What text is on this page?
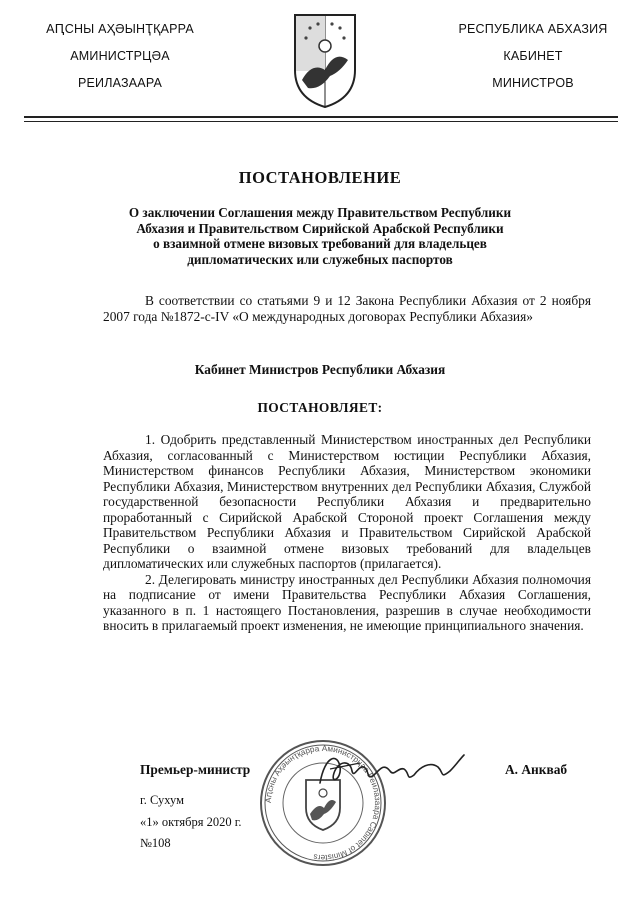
АԤСНЫ АҲӘЫНҬҚАРРА
АМИНИСТРЦӘА
РЕИЛАЗААРА
РЕСПУБЛИКА АБХАЗИЯ
КАБИНЕТ
МИНИСТРОВ
ПОСТАНОВЛЕНИЕ
О заключении Соглашения между Правительством Республики
Абхазия и Правительством Сирийской Арабской Республики
о взаимной отмене визовых требований для владельцев
дипломатических или служебных паспортов

В соответствии со статьями 9 и 12 Закона Республики Абхазия от 2 ноября 2007 года №1872-с-IV «О международных договорах Республики Абхазия»

Кабинет Министров Республики Абхазия
ПОСТАНОВЛЯЕТ:

1. Одобрить представленный Министерством иностранных дел Республики Абхазия, согласованный с Министерством юстиции Республики Абхазия, Министерством финансов Республики Абхазия, Министерством экономики Республики Абхазия, Министерством внутренних дел Республики Абхазия, Службой государственной безопасности Республики Абхазия и предварительно проработанный с Сирийской Арабской Стороной проект Соглашения между Правительством Республики Абхазия и Правительством Сирийской Арабской Республики о взаимной отмене визовых требований для владельцев дипломатических или служебных паспортов (прилагается).

2. Делегировать министру иностранных дел Республики Абхазия полномочия на подписание от имени Правительства Республики Абхазия Соглашения, указанного в п. 1 настоящего Постановления, разрешив в случае необходимости вносить в прилагаемый проект изменения, не имеющие принципиального значения.

Премьер-министр
Аԥсны Аҳәынҭқарра Аминистрцәа Реилазаара Cabinet of Ministers
А. Анкваб
г. Сухум
«1» октября 2020 г.
№108
